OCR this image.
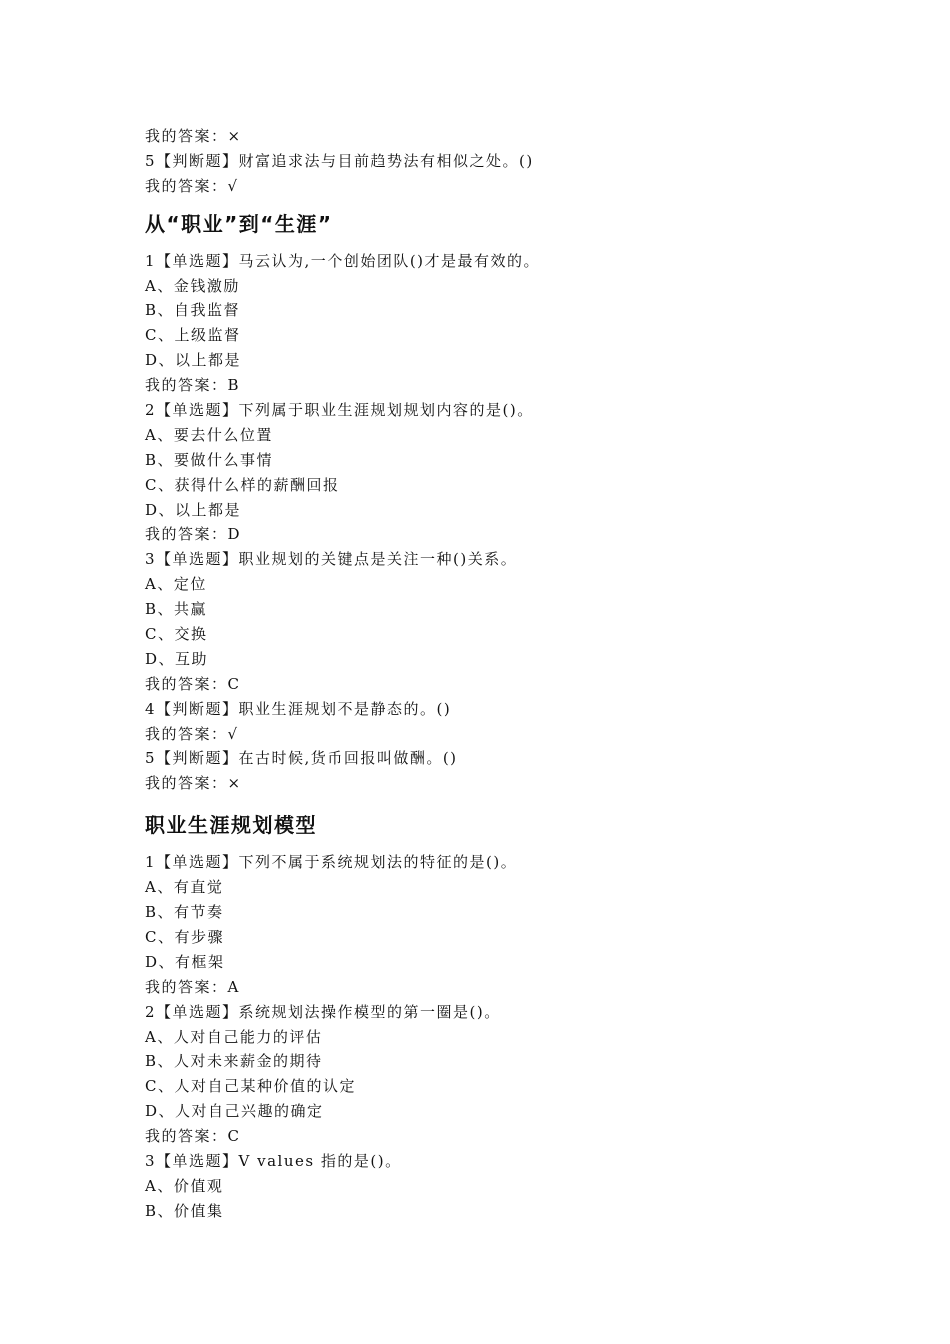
我的答案：×
5【判断题】财富追求法与目前趋势法有相似之处。()
我的答案：√
从“职业”到“生涯”
1【单选题】马云认为,一个创始团队()才是最有效的。
A、金钱激励
B、自我监督
C、上级监督
D、以上都是
我的答案：B
2【单选题】下列属于职业生涯规划规划内容的是()。
A、要去什么位置
B、要做什么事情
C、获得什么样的薪酬回报
D、以上都是
我的答案：D
3【单选题】职业规划的关键点是关注一种()关系。
A、定位
B、共赢
C、交换
D、互助
我的答案：C
4【判断题】职业生涯规划不是静态的。()
我的答案：√
5【判断题】在古时候,货币回报叫做酬。()
我的答案：×
职业生涯规划模型
1【单选题】下列不属于系统规划法的特征的是()。
A、有直觉
B、有节奏
C、有步骤
D、有框架
我的答案：A
2【单选题】系统规划法操作模型的第一圈是()。
A、人对自己能力的评估
B、人对未来薪金的期待
C、人对自己某种价值的认定
D、人对自己兴趣的确定
我的答案：C
3【单选题】V values 指的是()。
A、价值观
B、价值集
